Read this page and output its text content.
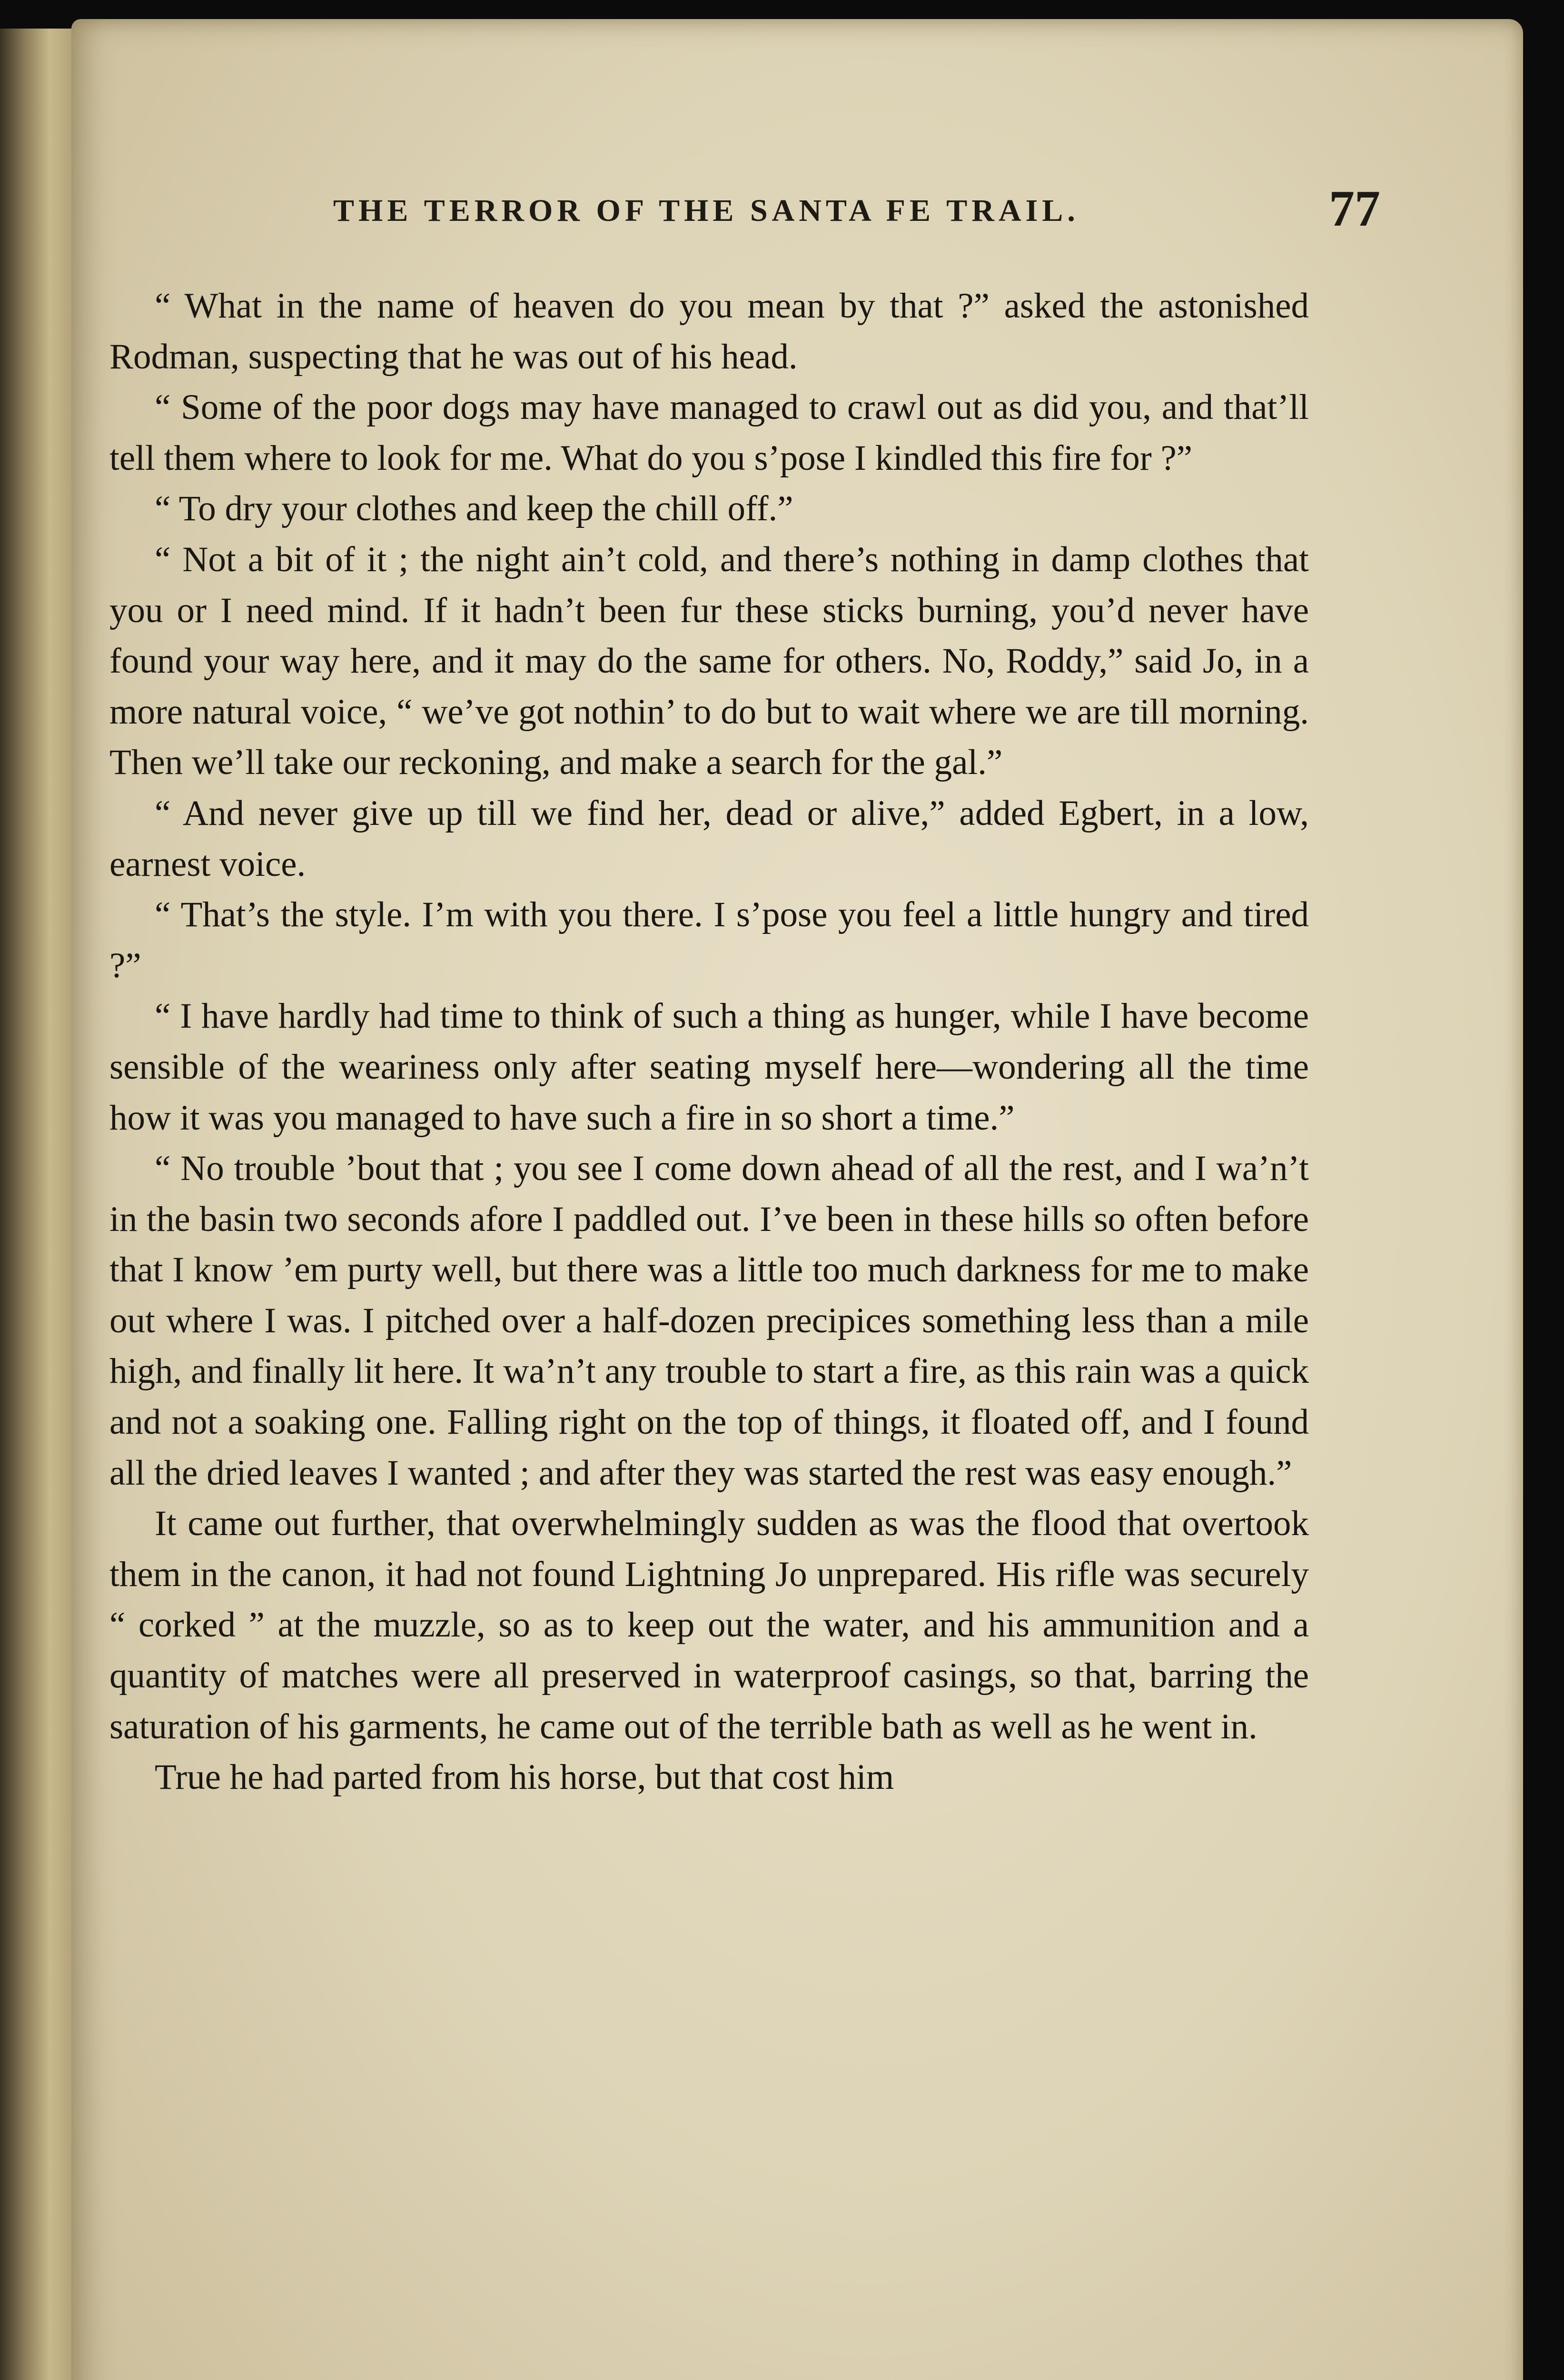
THE TERROR OF THE SANTA FE TRAIL.	77

“ What in the name of heaven do you mean by that ?” asked the astonished Rodman, suspecting that he was out of his head.

“ Some of the poor dogs may have managed to crawl out as did you, and that’ll tell them where to look for me. What do you s’pose I kindled this fire for ?”

“ To dry your clothes and keep the chill off.”

“ Not a bit of it ; the night ain’t cold, and there’s nothing in damp clothes that you or I need mind. If it hadn’t been fur these sticks burning, you’d never have found your way here, and it may do the same for others. No, Roddy,” said Jo, in a more natural voice, “ we’ve got nothin’ to do but to wait where we are till morning. Then we’ll take our reckoning, and make a search for the gal.”

“ And never give up till we find her, dead or alive,” added Egbert, in a low, earnest voice.

“ That’s the style. I’m with you there. I s’pose you feel a little hungry and tired ?”

“ I have hardly had time to think of such a thing as hunger, while I have become sensible of the weariness only after seating myself here—wondering all the time how it was you managed to have such a fire in so short a time.”

“ No trouble ’bout that ; you see I come down ahead of all the rest, and I wa’n’t in the basin two seconds afore I paddled out. I’ve been in these hills so often before that I know ’em purty well, but there was a little too much darkness for me to make out where I was. I pitched over a half-dozen precipices something less than a mile high, and finally lit here. It wa’n’t any trouble to start a fire, as this rain was a quick and not a soaking one. Falling right on the top of things, it floated off, and I found all the dried leaves I wanted ; and after they was started the rest was easy enough.”

It came out further, that overwhelmingly sudden as was the flood that overtook them in the canon, it had not found Lightning Jo unprepared. His rifle was securely “ corked ” at the muzzle, so as to keep out the water, and his ammunition and a quantity of matches were all preserved in waterproof casings, so that, barring the saturation of his garments, he came out of the terrible bath as well as he went in.

True he had parted from his horse, but that cost him
